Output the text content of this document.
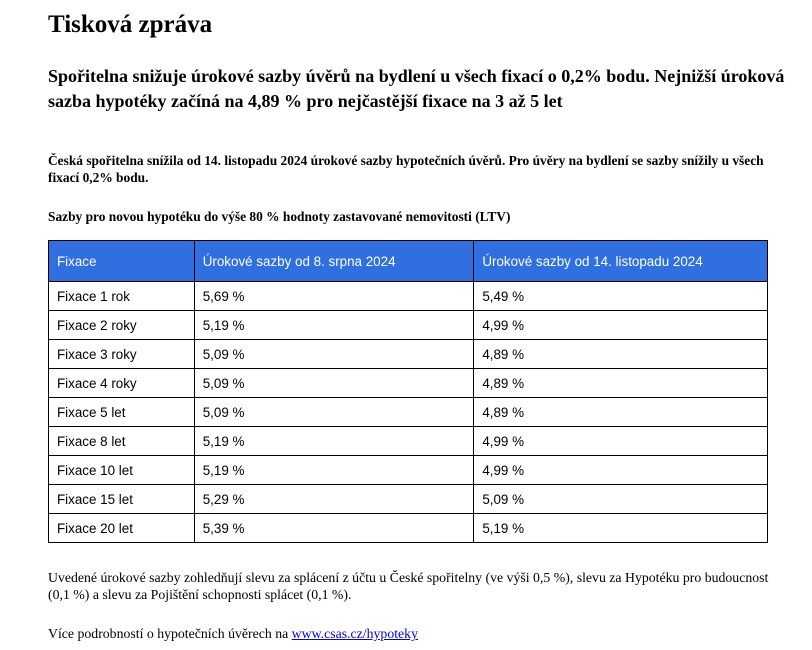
Tisková zpráva

Spořitelna snižuje úrokové sazby úvěrů na bydlení u všech fixací o 0,2% bodu. Nejnižší úroková sazba hypotéky začíná na 4,89 % pro nejčastější fixace na 3 až 5 let

Česká spořitelna snížila od 14. listopadu 2024 úrokové sazby hypotečních úvěrů. Pro úvěry na bydlení se sazby snížily u všech fixací 0,2% bodu.

Sazby pro novou hypotéku do výše 80 % hodnoty zastavované nemovitosti (LTV)

Fixace	Úrokové sazby od 8. srpna 2024	Úrokové sazby od 14. listopadu 2024
Fixace 1 rok	5,69 %	5,49 %
Fixace 2 roky	5,19 %	4,99 %
Fixace 3 roky	5,09 %	4,89 %
Fixace 4 roky	5,09 %	4,89 %
Fixace 5 let	5,09 %	4,89 %
Fixace 8 let	5,19 %	4,99 %
Fixace 10 let	5,19 %	4,99 %
Fixace 15 let	5,29 %	5,09 %
Fixace 20 let	5,39 %	5,19 %

Uvedené úrokové sazby zohledňují slevu za splácení z účtu u České spořitelny (ve výši 0,5 %), slevu za Hypotéku pro budoucnost (0,1 %) a slevu za Pojištění schopnosti splácet (0,1 %).

Více podrobností o hypotečních úvěrech na www.csas.cz/hypoteky
